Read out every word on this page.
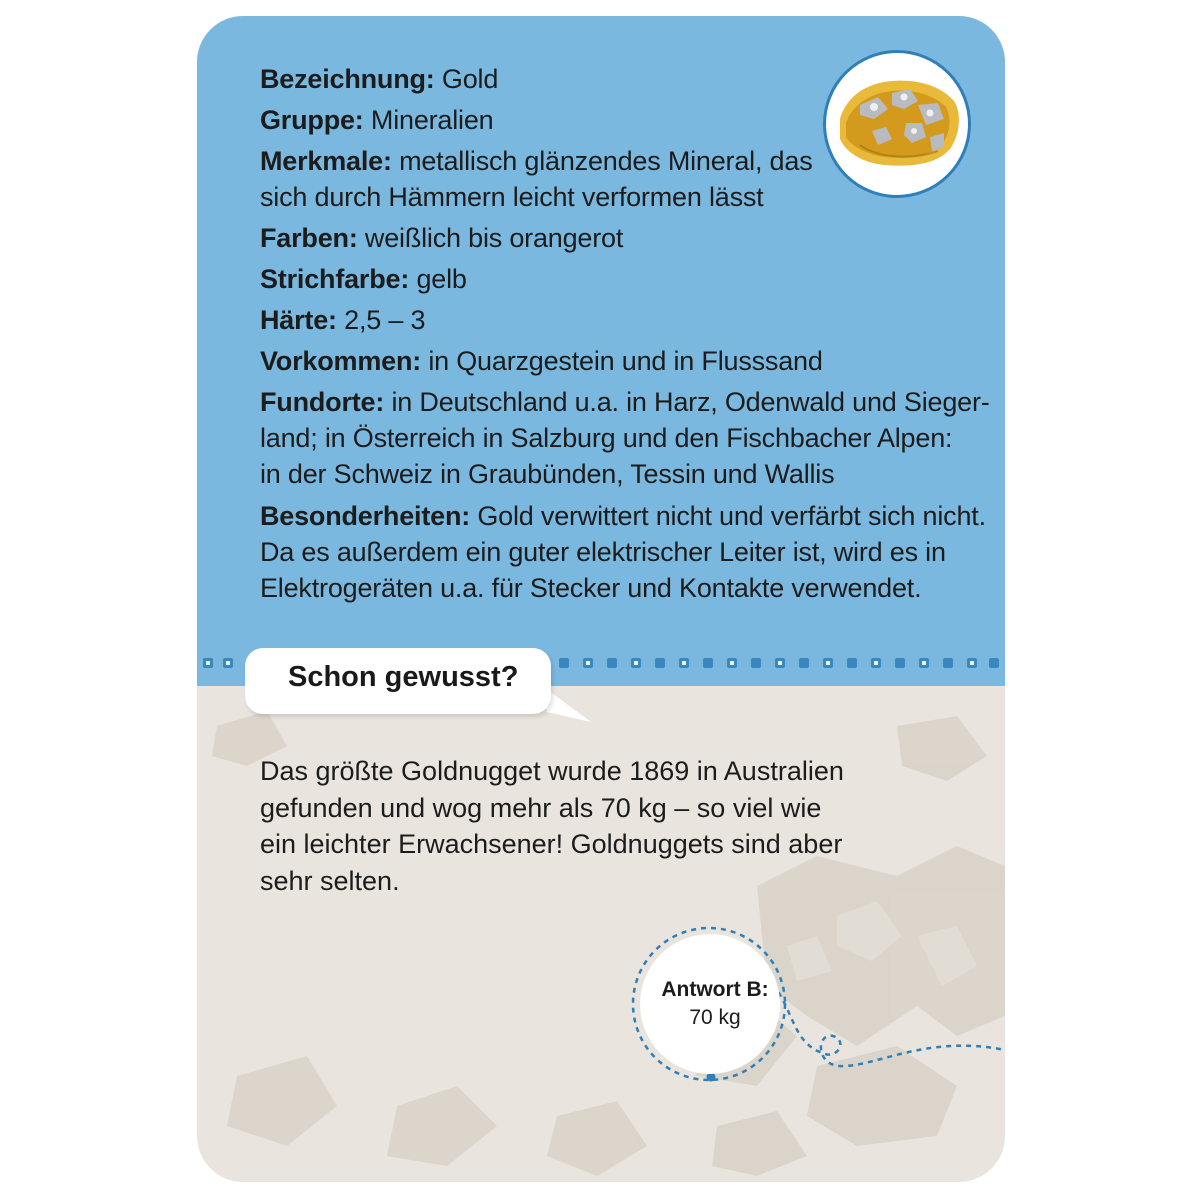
Bezeichnung: Gold
Gruppe: Mineralien
Merkmale: metallisch glänzendes Mineral, das
sich durch Hämmern leicht verformen lässt
Farben: weißlich bis orangerot
Strichfarbe: gelb
Härte: 2,5 – 3
Vorkommen: in Quarzgestein und in Flusssand
Fundorte: in Deutschland u.a. in Harz, Odenwald und Sieger-
land; in Österreich in Salzburg und den Fischbacher Alpen:
in der Schweiz in Graubünden, Tessin und Wallis
Besonderheiten: Gold verwittert nicht und verfärbt sich nicht.
Da es außerdem ein guter elektrischer Leiter ist, wird es in
Elektrogeräten u.a. für Stecker und Kontakte verwendet.
Schon gewusst?
Das größte Goldnugget wurde 1869 in Australien
gefunden und wog mehr als 70 kg – so viel wie
ein leichter Erwachsener! Goldnuggets sind aber
sehr selten.
Antwort B:
70 kg
